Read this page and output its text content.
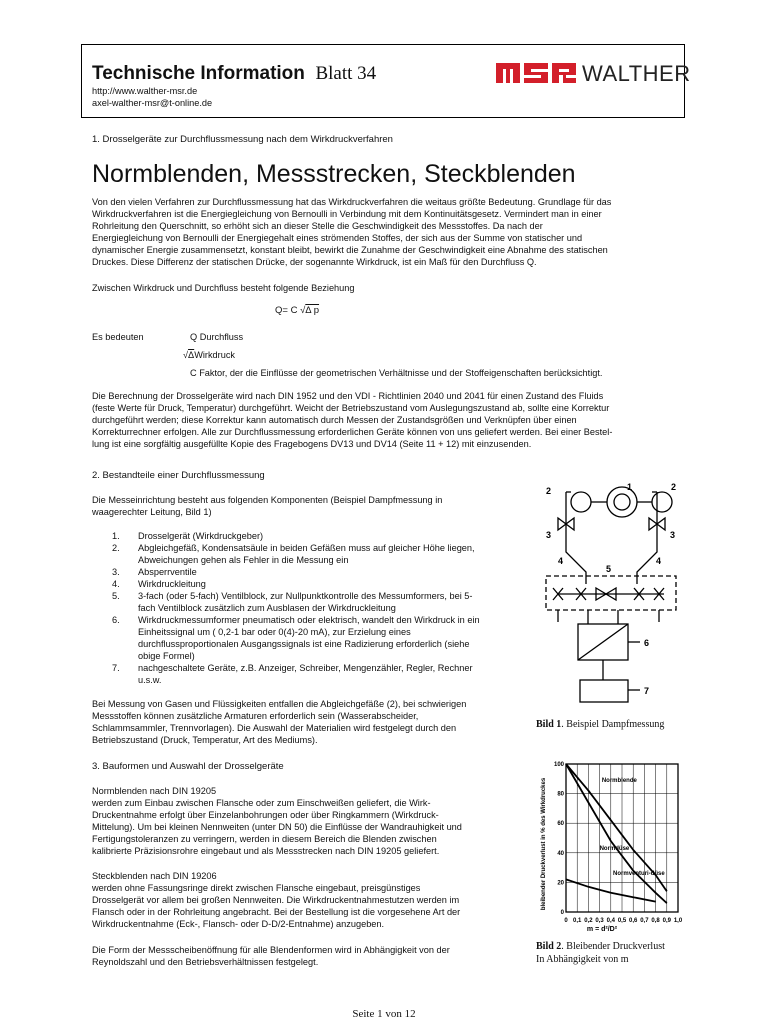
Technische Information Blatt 34
http://www.walther-msr.de
axel-walther-msr@t-online.de
WALTHER
1. Drosselgeräte zur Durchflussmessung nach dem Wirkdruckverfahren
Normblenden, Messstrecken, Steckblenden
Von den vielen Verfahren zur Durchflussmessung hat das Wirkdruckverfahren die weitaus größte Bedeutung. Grundlage für das
Wirkdruckverfahren ist die Energiegleichung von Bernoulli in Verbindung mit dem Kontinuitätsgesetz. Vermindert man in einer
Rohrleitung den Querschnitt, so erhöht sich an dieser Stelle die Geschwindigkeit des Messstoffes. Da nach der
Energiegleichung von Bernoulli der Energiegehalt eines strömenden Stoffes, der sich aus der Summe von statischer und
dynamischer Energie zusammensetzt, konstant bleibt, bewirkt die Zunahme der Geschwindigkeit eine Abnahme des statischen
Druckes. Diese Differenz der statischen Drücke, der sogenannte Wirkdruck, ist ein Maß für den Durchfluss Q.
Zwischen Wirkdruck und Durchfluss besteht folgende Beziehung
Q= C √Δ p
Es bedeuten	Q Durchfluss
√ΔWirkdruck
C Faktor, der die Einflüsse der geometrischen Verhältnisse und der Stoffeigenschaften berücksichtigt.
Die Berechnung der Drosselgeräte wird nach DIN 1952 und den VDI - Richtlinien 2040 und 2041 für einen Zustand des Fluids
(feste Werte für Druck, Temperatur) durchgeführt. Weicht der Betriebszustand vom Auslegungszustand ab, sollte eine Korrektur
durchgeführt werden; diese Korrektur kann automatisch durch Messen der Zustandsgrößen und Verknüpfen über einen
Korrekturrechner erfolgen. Alle zur Durchflussmessung erforderlichen Geräte können von uns geliefert werden. Bei einer Bestel-
lung ist eine sorgfältig ausgefüllte Kopie des Fragebogens DV13 und DV14 (Seite 11 + 12) mit einzusenden.
2. Bestandteile einer Durchflussmessung
Die Messeinrichtung besteht aus folgenden Komponenten (Beispiel Dampfmessung in
waagerechter Leitung, Bild 1)
1. Drosselgerät (Wirkdruckgeber)
2. Abgleichgefäß, Kondensatsäule in beiden Gefäßen muss auf gleicher Höhe liegen,
Abweichungen gehen als Fehler in die Messung ein
3. Absperrventile
4. Wirkdruckleitung
5. 3-fach (oder 5-fach) Ventilblock, zur Nullpunktkontrolle des Messumformers, bei 5-
fach Ventilblock zusätzlich zum Ausblasen der Wirkdruckleitung
6. Wirkdruckmessumformer pneumatisch oder elektrisch, wandelt den Wirkdruck in ein
Einheitssignal um ( 0,2-1 bar oder 0(4)-20 mA), zur Erzielung eines
durchflussproportionalen Ausgangssignals ist eine Radizierung erforderlich (siehe
obige Formel)
7. nachgeschaltete Geräte, z.B. Anzeiger, Schreiber, Mengenzähler, Regler, Rechner
u.s.w.
Bei Messung von Gasen und Flüssigkeiten entfallen die Abgleichgefäße (2), bei schwierigen
Messstoffen können zusätzliche Armaturen erforderlich sein (Wasserabscheider,
Schlammsammler, Trennvorlagen). Die Auswahl der Materialien wird festgelegt durch den
Betriebszustand (Druck, Temperatur, Art des Mediums).
1
2	2
3	3
4	4
5
6
7
Bild 1. Beispiel Dampfmessung
3. Bauformen und Auswahl der Drosselgeräte
Normblenden nach DIN 19205
werden zum Einbau zwischen Flansche oder zum Einschweißen geliefert, die Wirk-
Druckentnahme erfolgt über Einzelanbohrungen oder über Ringkammern (Wirkdruck-
Mittelung). Um bei kleinen Nennweiten (unter DN 50) die Einflüsse der Wandrauhigkeit und
Fertigungstoleranzen zu verringern, werden in diesem Bereich die Blenden zwischen
kalibrierte Präzisionsrohre eingebaut und als Messstrecken nach DIN 19205 geliefert.
Steckblenden nach DIN 19206
werden ohne Fassungsringe direkt zwischen Flansche eingebaut, preisgünstiges
Drosselgerät vor allem bei großen Nennweiten. Die Wirkdruckentnahmestutzen werden im
Flansch oder in der Rohrleitung angebracht. Bei der Bestellung ist die vorgesehene Art der
Wirkdruckentnahme (Eck-, Flansch- oder D-D/2-Entnahme) anzugeben.
Die Form der Messscheibenöffnung für alle Blendenformen wird in Abhängigkeit von der
Reynoldszahl und den Betriebsverhältnissen festgelegt.
bleibender Druckverlust in % des Wirkdruckes
0 0,1 0,2 0,3 0,4 0,5 0,6 0,7 0,8 0,9 1,0
0
20
40
60
80
100
Normblende
Normdüse
Normventuri-düse
m = d²/D²
Bild 2. Bleibender Druckverlust
In Abhängigkeit von m
Seite 1 von 12
